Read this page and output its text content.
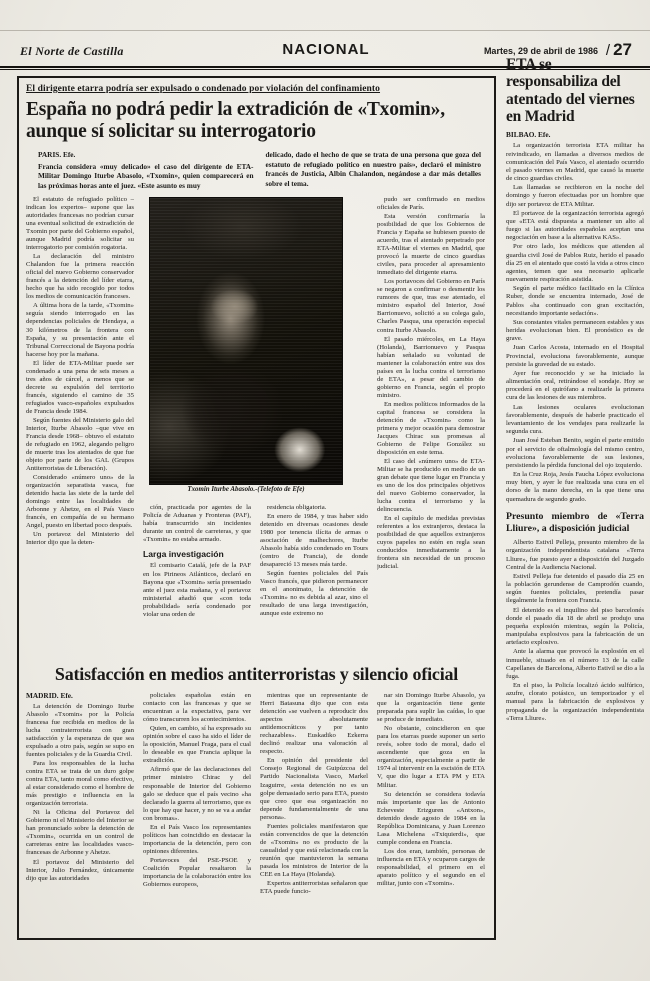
El Norte de Castilla	NACIONAL	Martes, 29 de abril de 1986 / 27
El dirigente etarra podría ser expulsado o condenado por violación del confinamiento
España no podrá pedir la extradición de «Txomin», aunque sí solicitar su interrogatorio
PARIS. Efe.
Francia considera «muy delicado» el caso del dirigente de ETA-Militar Domingo Iturbe Abasolo, «Txomin», quien comparecerá en las próximas horas ante el juez. «Este asunto es muy
delicado, dado el hecho de que se trata de una persona que goza del estatuto de refugiado político en nuestro país», declaró el ministro francés de Justicia, Albin Chalandon, negándose a dar más detalles sobre el tema.

El estatuto de refugiado político –indican los expertos– supone que las autoridades francesas no podrían cursar una eventual solicitud de extradición de Txomin por parte del Gobierno español, aunque Madrid podría solicitar su interrogatorio por comisión rogatoria.

La declaración del ministro Chalandon fue la primera reacción oficial del nuevo Gobierno conservador francés a la detención del líder etarra, hecho que ha sido recogido por todos los medios de comunicación franceses.

A última hora de la tarde, «Txomin» seguía siendo interrogado en las dependencias policiales de Hendaya, a 30 kilómetros de la frontera con España, y su presentación ante el Tribunal Correccional de Bayona podría hacerse hoy por la mañana.

El líder de ETA-Militar puede ser condenado a una pena de seis meses a tres años de cárcel, a menos que se decrete su expulsión del territorio francés, siguiendo el camino de 35 refugiados vasco-españoles expulsados de Francia desde 1984.

Según fuentes del Ministerio galo del Interior, Iturbe Abasolo –que vive en Francia desde 1968– obtuvo el estatuto de refugiado en 1962, alegando peligro de muerte tras los atentados de que fue objeto por parte de los GAL (Grupos Antiterroristas de Liberación).

Considerado «número uno» de la organización separatista vasca, fue detenido hacia las siete de la tarde del domingo entre las localidades de Arbonne y Ahetze, en el País Vasco francés, en compañía de su hermano Angel, puesto en libertad poco después.

Un portavoz del Ministerio del Interior dijo que la deten-

ción, practicada por agentes de la Policía de Aduanas y Fronteras (PAF), había transcurrido sin incidentes durante un control de carreteras, y que «Txomin» no estaba armado.

Larga investigación

El comisario Catalá, jefe de la PAF en los Pirineos Atlánticos, declaró en Bayona que «Txomin» sería presentado ante el juez esta mañana, y el portavoz ministerial añadió que «con toda probabilidad» sería condenado por violar una orden de

residencia obligatoria.

En enero de 1984, y tras haber sido detenido en diversas ocasiones desde 1980 por tenencia ilícita de armas o asociación de malhechores, Iturbe Abasolo había sido condenado en Tours (centro de Francia), de donde desapareció 13 meses más tarde.

Según fuentes policiales del País Vasco francés, que pidieron permanecer en el anonimato, la detención de «Txomin» no es debida al azar, sino el resultado de una larga investigación, aunque este extremo no

pudo ser confirmado en medios oficiales de París.

Esta versión confirmaría la posibilidad de que los Gobiernos de Francia y España se hubiesen puesto de acuerdo, tras el atentado perpetrado por ETA-Militar el viernes en Madrid, que provocó la muerte de cinco guardias civiles, para proceder al apresamiento inmediato del dirigente etarra.

Los portavoces del Gobierno en París se negaron a confirmar o desmentir los rumores de que, tras ese atentado, el ministro español del Interior, José Barrionuevo, solicitó a su colega galo, Charles Pasqua, una operación especial contra Iturbe Abasolo.

El pasado miércoles, en La Haya (Holanda), Barrionuevo y Pasqua habían señalado su voluntad de mantener la colaboración entre sus dos países en la lucha contra el terrorismo de ETA», a pesar del cambio de gobierno en Francia, según el propio ministro.

En medios políticos informados de la capital francesa se considera la detención de «Txomin» como la primera y mejor ocasión para demostrar Jacques Chirac sus promesas al Gobierno de Felipe González su disposición en este tema.

El caso del «número uno» de ETA-Militar se ha producido en medio de un gran debate que tiene lugar en Francia y es uno de los dos principales objetivos del nuevo Gobierno conservador, la lucha contra el terrorismo y la delincuencia.

En el capítulo de medidas previstas referentes a los extranjeros, destaca la posibilidad de que aquellos extranjeros cuyos papeles no estén en regla sean conducidos inmediatamente a la frontera sin necesidad de un proceso judicial.

Txomin Iturbe Abasolo.-(Telefoto de Efe)
Satisfacción en medios antiterroristas y silencio oficial
MADRID. Efe.

La detención de Domingo Iturbe Abasolo «Txomin» por la Policía francesa fue recibida en medios de la lucha contraterrorista con gran satisfacción y la esperanza de que sea expulsado a otro país, según se supo en fuentes policiales y de la Guardia Civil.

Para los responsables de la lucha contra ETA se trata de un duro golpe contra ETA, tanto moral como efectivo, al estar considerado como el hombre de más prestigio e influencia en la organización terrorista.

Ni la Oficina del Portavoz del Gobierno ni el Ministerio del Interior se han pronunciado sobre la detención de «Txomin», ocurrida en un control de carreteras entre las localidades vasco-francesas de Arbonne y Ahetze.

El portavoz del Ministerio del Interior, Julio Fernández, únicamente dijo que las autoridades

policiales españolas están en contacto con las francesas y que se encuentran a la expectativa, para ver cómo transcurren los acontecimientos.

Quien, en cambio, sí ha expresado su opinión sobre el caso ha sido el líder de la oposición, Manuel Fraga, para el cual lo deseable es que Francia aplique la extradición.

Afirmó que de las declaraciones del primer ministro Chirac y del responsable de Interior del Gobierno galo se deduce que el país vecino «ha declarado la guerra al terrorismo, que es lo que hay que hacer, y no se va a andar con bromas».

En el País Vasco los representantes políticos han coincidido en destacar la importancia de la detención, pero con opiniones diferentes.

Portavoces del PSE-PSOE y Coalición Popular resaltaron la importancia de la colaboración entre los Gobiernos europeos,

mientras que un representante de Herri Batasuna dijo que con esta detención «se vuelven a reproducir dos aspectos absolutamente antidemocráticos y por tanto rechazables». Euskadiko Ezkerra declinó realizar una valoración al respecto.

En opinión del presidente del Consejo Regional de Guipúzcoa del Partido Nacionalista Vasco, Markel Izaguirre, «esta detención no es un golpe demasiado serio para ETA, puesto que creo que esa organización no depende fundamentalmente de una persona».

Fuentes policiales manifestaron que están convencidos de que la detención de «Txomin» no es producto de la casualidad y que está relacionada con la reunión que mantuvieron la semana pasada los ministros de Interior de la CEE en La Haya (Holanda).

Expertos antiterroristas señalaron que ETA puede funcio-

nar sin Domingo Iturbe Abasolo, ya que la organización tiene gente preparada para suplir las caídas, lo que se produce de inmediato.

No obstante, coincidieron en que para los etarras puede suponer un serio revés, sobre todo de moral, dado el ascendiente que goza en la organización, especialmente a partir de 1974 al intervenir en la escisión de ETA V, que dio lugar a ETA PM y ETA Militar.

Su detención se considera todavía más importante que las de Antonio Echeveste Erizguren «Antxon», detenido desde agosto de 1984 en la República Dominicana, y Juan Lorenzo Lasa Michelena «Txiquierdi», que cumple condena en Francia.

Los dos eran, también, personas de influencia en ETA y ocuparon cargos de responsabilidad, el primero en el aparato político y el segundo en el militar, junto con «Txomin».

ETA se responsabiliza del atentado del viernes en Madrid
BILBAO. Efe.

La organización terrorista ETA militar ha reivindicado, en llamadas a diversos medios de comunicación del País Vasco, el atentado ocurrido el pasado viernes en Madrid, que causó la muerte de cinco guardias civiles.

Las llamadas se recibieron en la noche del domingo y fueron efectuadas por un hombre que dijo ser portavoz de ETA Militar.

El portavoz de la organización terrorista agregó que «ETA está dispuesta a mantener un alto al fuego si las autoridades españolas aceptan una negociación en base a la alternativa KAS».

Por otro lado, los médicos que atienden al guardia civil José de Pablos Ruiz, herido el pasado día 25 en el atentado que costó la vida a otros cinco agentes, temen que sea necesario aplicarle nuevamente respiración asistida.

Según el parte médico facilitado en la Clínica Ruber, donde se encuentra internado, José de Pablos «ha continuado con gran excitación, necesitando importante sedación».

Sus constantes vitales permanecen estables y sus heridas evolucionan bien. El pronóstico es de grave.

Juan Carlos Acosta, internado en el Hospital Provincial, evoluciona favorablemente, aunque persiste la gravedad de su estado.

Ayer fue reconocido y se ha iniciado la alimentación oral, retirándose el sondaje. Hoy se procederá en el quirófano a realizarle la primera cura de las lesiones de sus miembros.

Las lesiones oculares evolucionan favorablemente, después de haberle practicado el levantamiento de los vendajes para realizarle la segunda cura.

Juan José Esteban Benito, según el parte emitido por el servicio de oftalmología del mismo centro, evoluciona favorablemente de sus lesiones, persistiendo la pérdida funcional del ojo izquierdo.

En la Cruz Roja, Jesús Faucha López evoluciona muy bien, y ayer le fue realizada una cura en el dorso de la mano derecha, en la que tiene una quemadura de segundo grado.

Presunto miembro de «Terra Lliure», a disposición judicial

Alberto Estivil Pelleja, presunto miembro de la organización independentista catalana «Terra Lliure», fue puesto ayer a disposición del Juzgado Central de la Audiencia Nacional.

Estivil Pelleja fue detenido el pasado día 25 en la población gerundense de Camprodón cuando, según fuentes policiales, pretendía pasar ilegalmente la frontera con Francia.

El detenido es el inquilino del piso barcelonés donde el pasado día 18 de abril se produjo una pequeña explosión mientras, según la Policía, manipulaba explosivos para la fabricación de un artefacto explosivo.

Ante la alarma que provocó la explosión en el inmueble, situado en el número 13 de la calle Capellanes de Barcelona, Alberto Estivil se dio a la fuga.

En el piso, la Policía localizó ácido sulfúrico, azufre, clorato potásico, un temporizador y el manual para la fabricación de explosivos y propaganda de la organización independentista «Terra Lliure».
